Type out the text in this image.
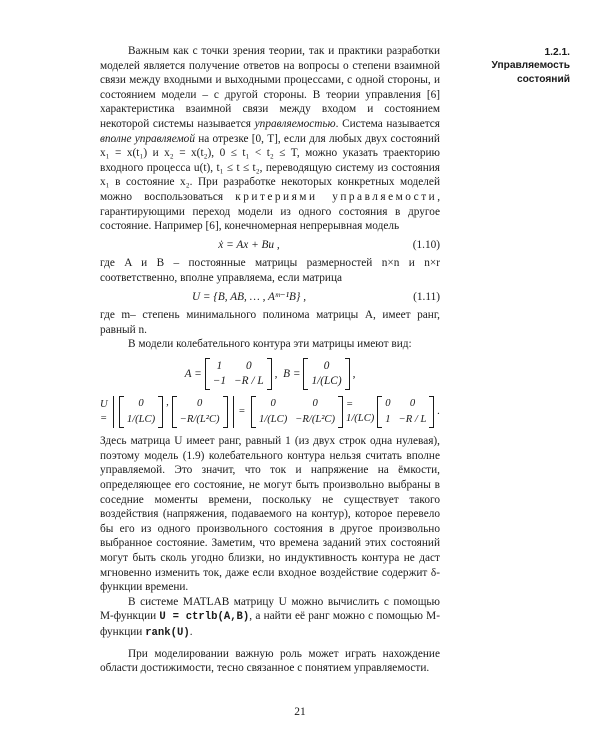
1.2.1.
Управляемость
состояний

Важным как с точки зрения теории, так и практики разработки моделей является получение ответов на вопросы о степени взаимной связи между входными и выходными процессами, с одной стороны, и состоянием модели – с другой стороны. В теории управления [6] характеристика взаимной связи между входом и состоянием некоторой системы называется управляемостью. Система называется вполне управляемой на отрезке [0, T], если для любых двух состояний x₁ = x(t₁) и x₂ = x(t₂), 0 ≤ t₁ < t₂ ≤ T, можно указать траекторию входного процесса u(t), t₁ ≤ t ≤ t₂, переводящую систему из состояния x₁ в состояние x₂. При разработке некоторых конкретных моделей можно воспользоваться критериями управляемости, гарантирующими переход модели из одного состояния в другое состояние. Например [6], конечномерная непрерывная модель

ẋ = Ax + Bu ,	(1.10)

где A и B – постоянные матрицы размерностей n×n и n×r соответственно, вполне управляема, если матрица

U = {B, AB, … , Aᵐ⁻¹B} ,	(1.11)

где m– степень минимального полинома матрицы A, имеет ранг, равный n.

В модели колебательного контура эти матрицы имеют вид:

A =
1	0
−1 −R / L
, B =
0
1/(LC)
,
U =
0
1/(LC)
,	0
−R/(L²C)
=
0	0
1/(LC) −R/(L²C)
= 1/(LC)
0	0
1 −R / L
.

Здесь матрица U имеет ранг, равный 1 (из двух строк одна нулевая), поэтому модель (1.9) колебательного контура нельзя считать вполне управляемой. Это значит, что ток и напряжение на ёмкости, определяющее его состояние, не могут быть произвольно выбраны в соседние моменты времени, поскольку не существует такого воздействия (напряжения, подаваемого на контур), которое перевело бы его из одного произвольного состояния в другое произвольно выбранное состояние. Заметим, что времена заданий этих состояний могут быть сколь угодно близки, но индуктивность контура не даст мгновенно изменить ток, даже если входное воздействие содержит δ-функции времени.

В системе MATLAB матрицу U можно вычислить с помощью M-функции U = ctrlb(A,B), а найти её ранг можно с помощью M-функции rank(U).

При моделировании важную роль может играть нахождение области достижимости, тесно связанное с понятием управляемости.

21
